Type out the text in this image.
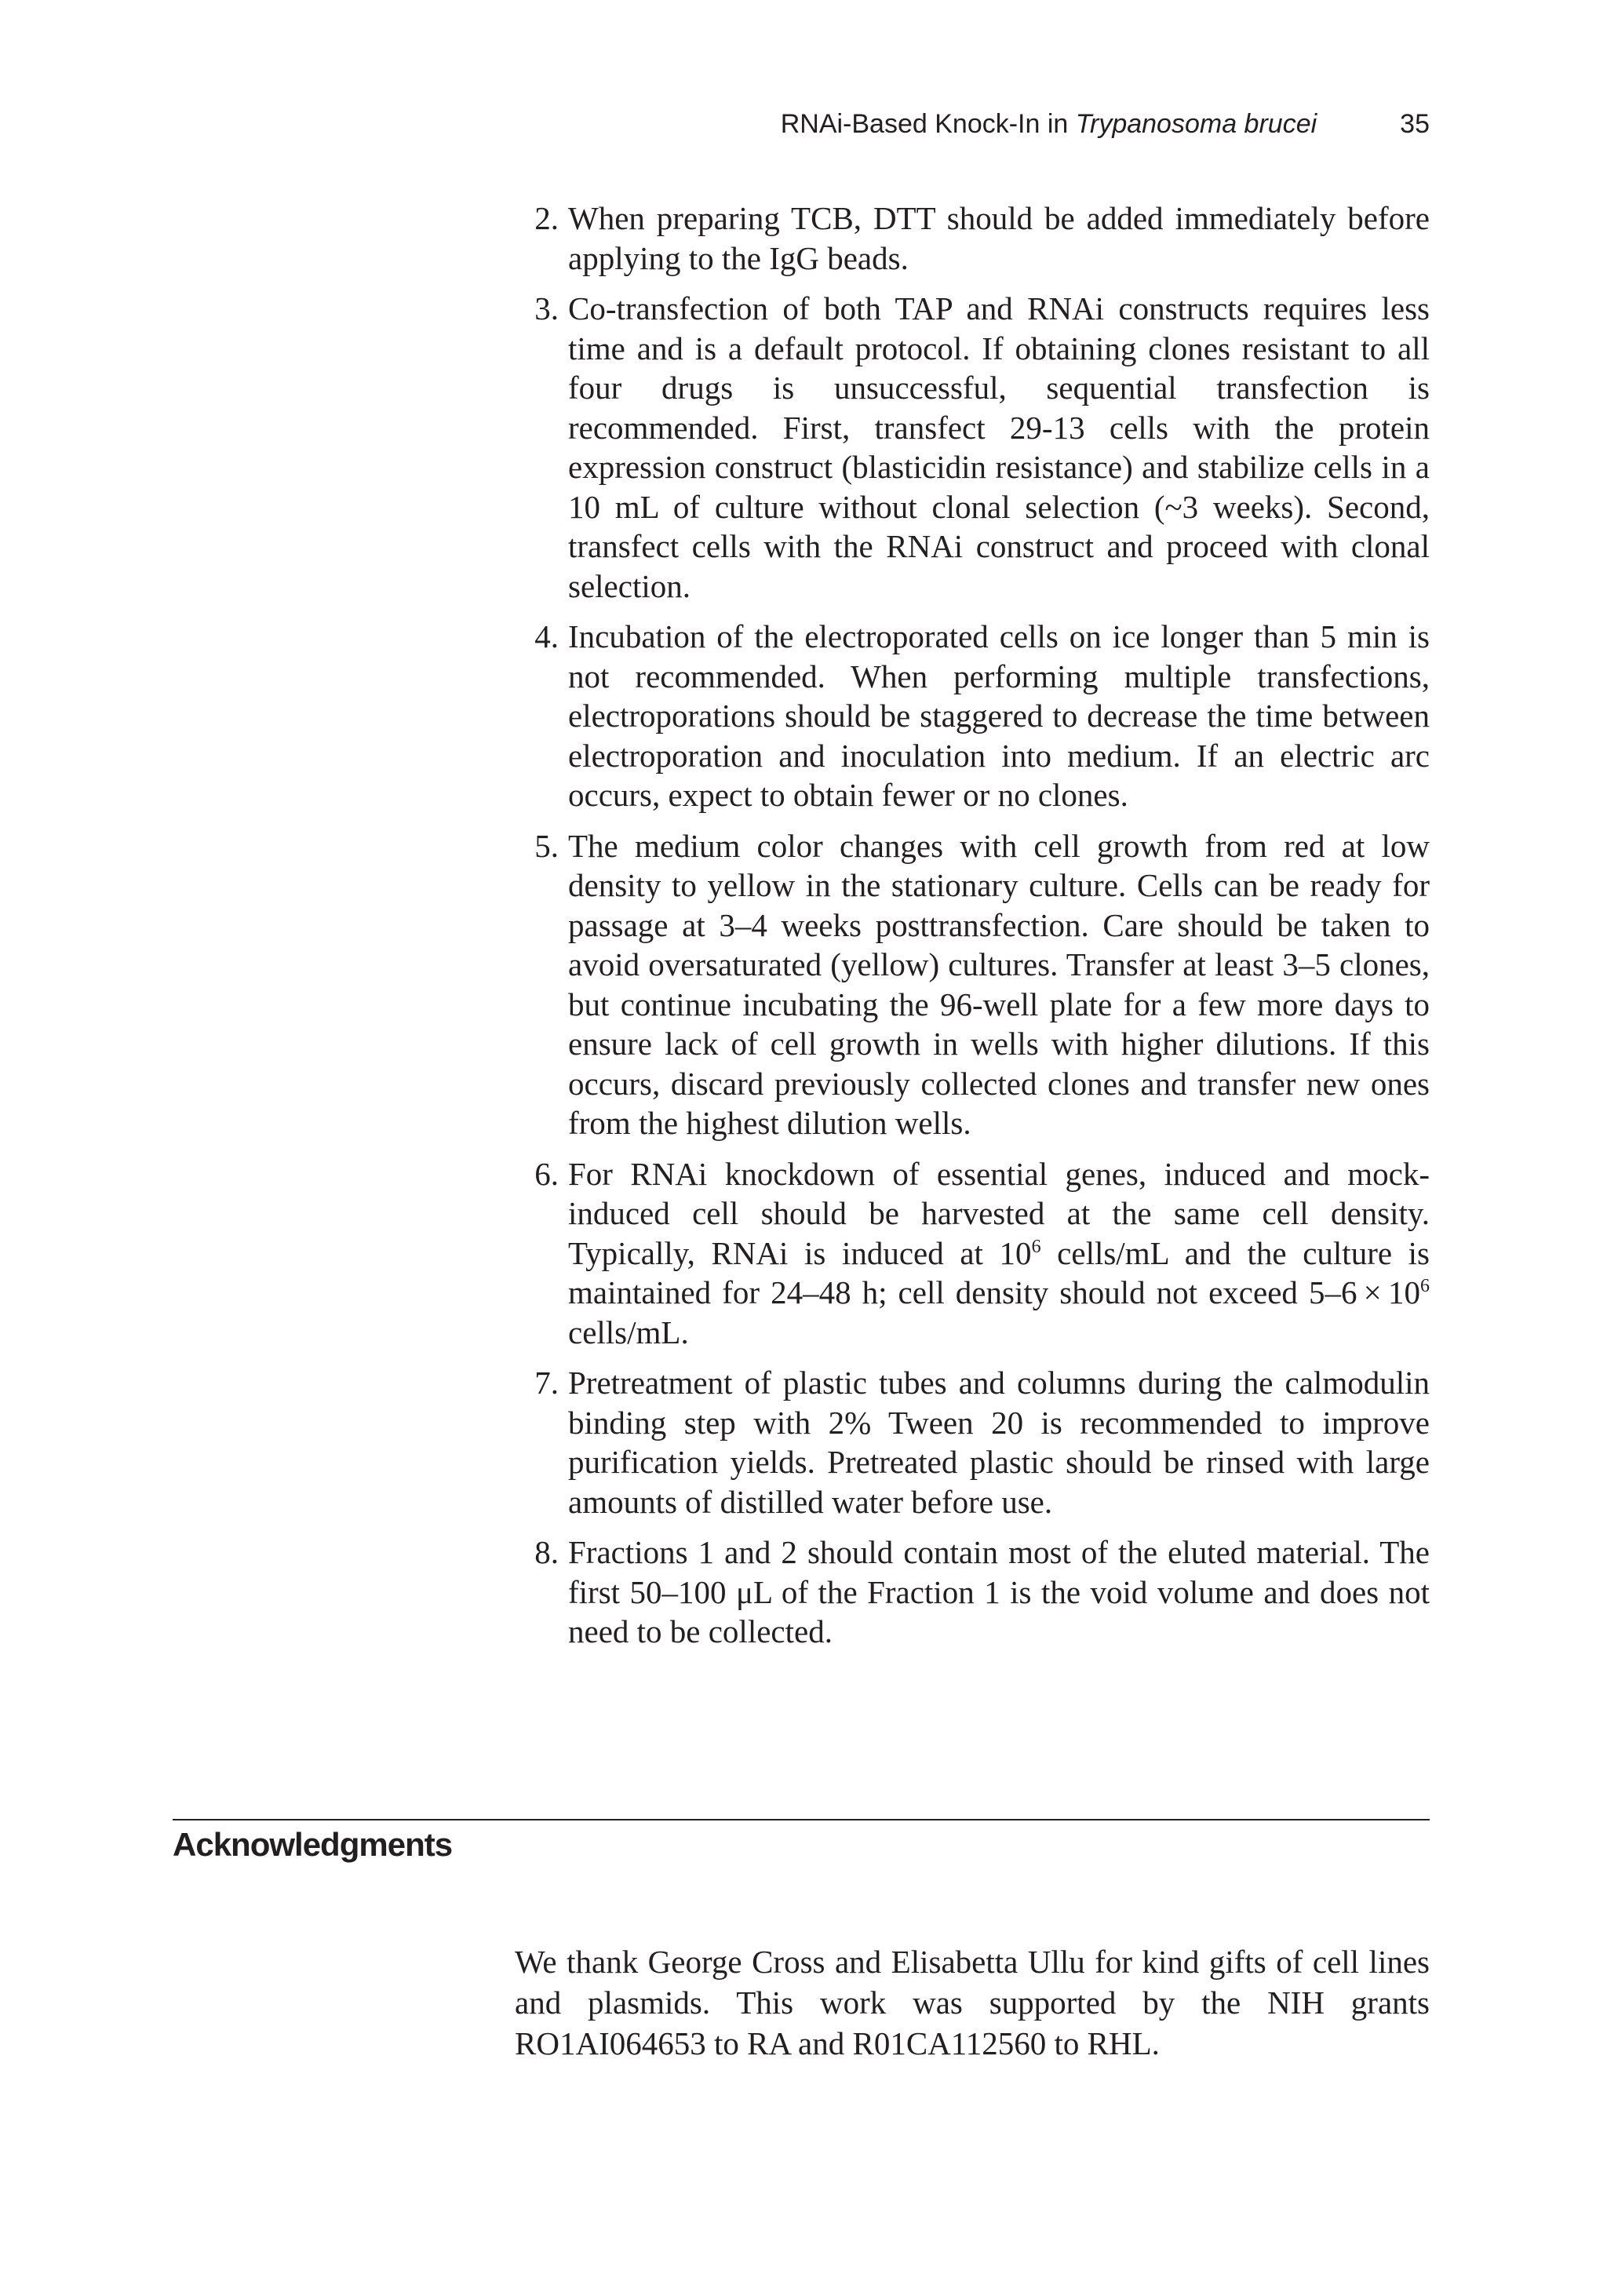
RNAi-Based Knock-In in Trypanosoma brucei	35
2. When preparing TCB, DTT should be added immediately before applying to the IgG beads.
3. Co-transfection of both TAP and RNAi constructs requires less time and is a default protocol. If obtaining clones resistant to all four drugs is unsuccessful, sequential transfection is recommended. First, transfect 29-13 cells with the protein expression construct (blasticidin resistance) and stabilize cells in a 10 mL of culture without clonal selection (~3 weeks). Second, transfect cells with the RNAi construct and proceed with clonal selection.
4. Incubation of the electroporated cells on ice longer than 5 min is not recommended. When performing multiple transfections, electroporations should be staggered to decrease the time between electroporation and inoculation into medium. If an electric arc occurs, expect to obtain fewer or no clones.
5. The medium color changes with cell growth from red at low density to yellow in the stationary culture. Cells can be ready for passage at 3–4 weeks posttransfection. Care should be taken to avoid oversaturated (yellow) cultures. Transfer at least 3–5 clones, but continue incubating the 96-well plate for a few more days to ensure lack of cell growth in wells with higher dilutions. If this occurs, discard previously collected clones and transfer new ones from the highest dilution wells.
6. For RNAi knockdown of essential genes, induced and mock-induced cell should be harvested at the same cell density. Typically, RNAi is induced at $10^6$ cells/mL and the culture is maintained for 24–48 h; cell density should not exceed $5-6 \times 10^6$ cells/mL.
7. Pretreatment of plastic tubes and columns during the calmodulin binding step with 2% Tween 20 is recommended to improve purification yields. Pretreated plastic should be rinsed with large amounts of distilled water before use.
8. Fractions 1 and 2 should contain most of the eluted material. The first 50–100 μL of the Fraction 1 is the void volume and does not need to be collected.
Acknowledgments

We thank George Cross and Elisabetta Ullu for kind gifts of cell lines and plasmids. This work was supported by the NIH grants RO1AI064653 to RA and R01CA112560 to RHL.
